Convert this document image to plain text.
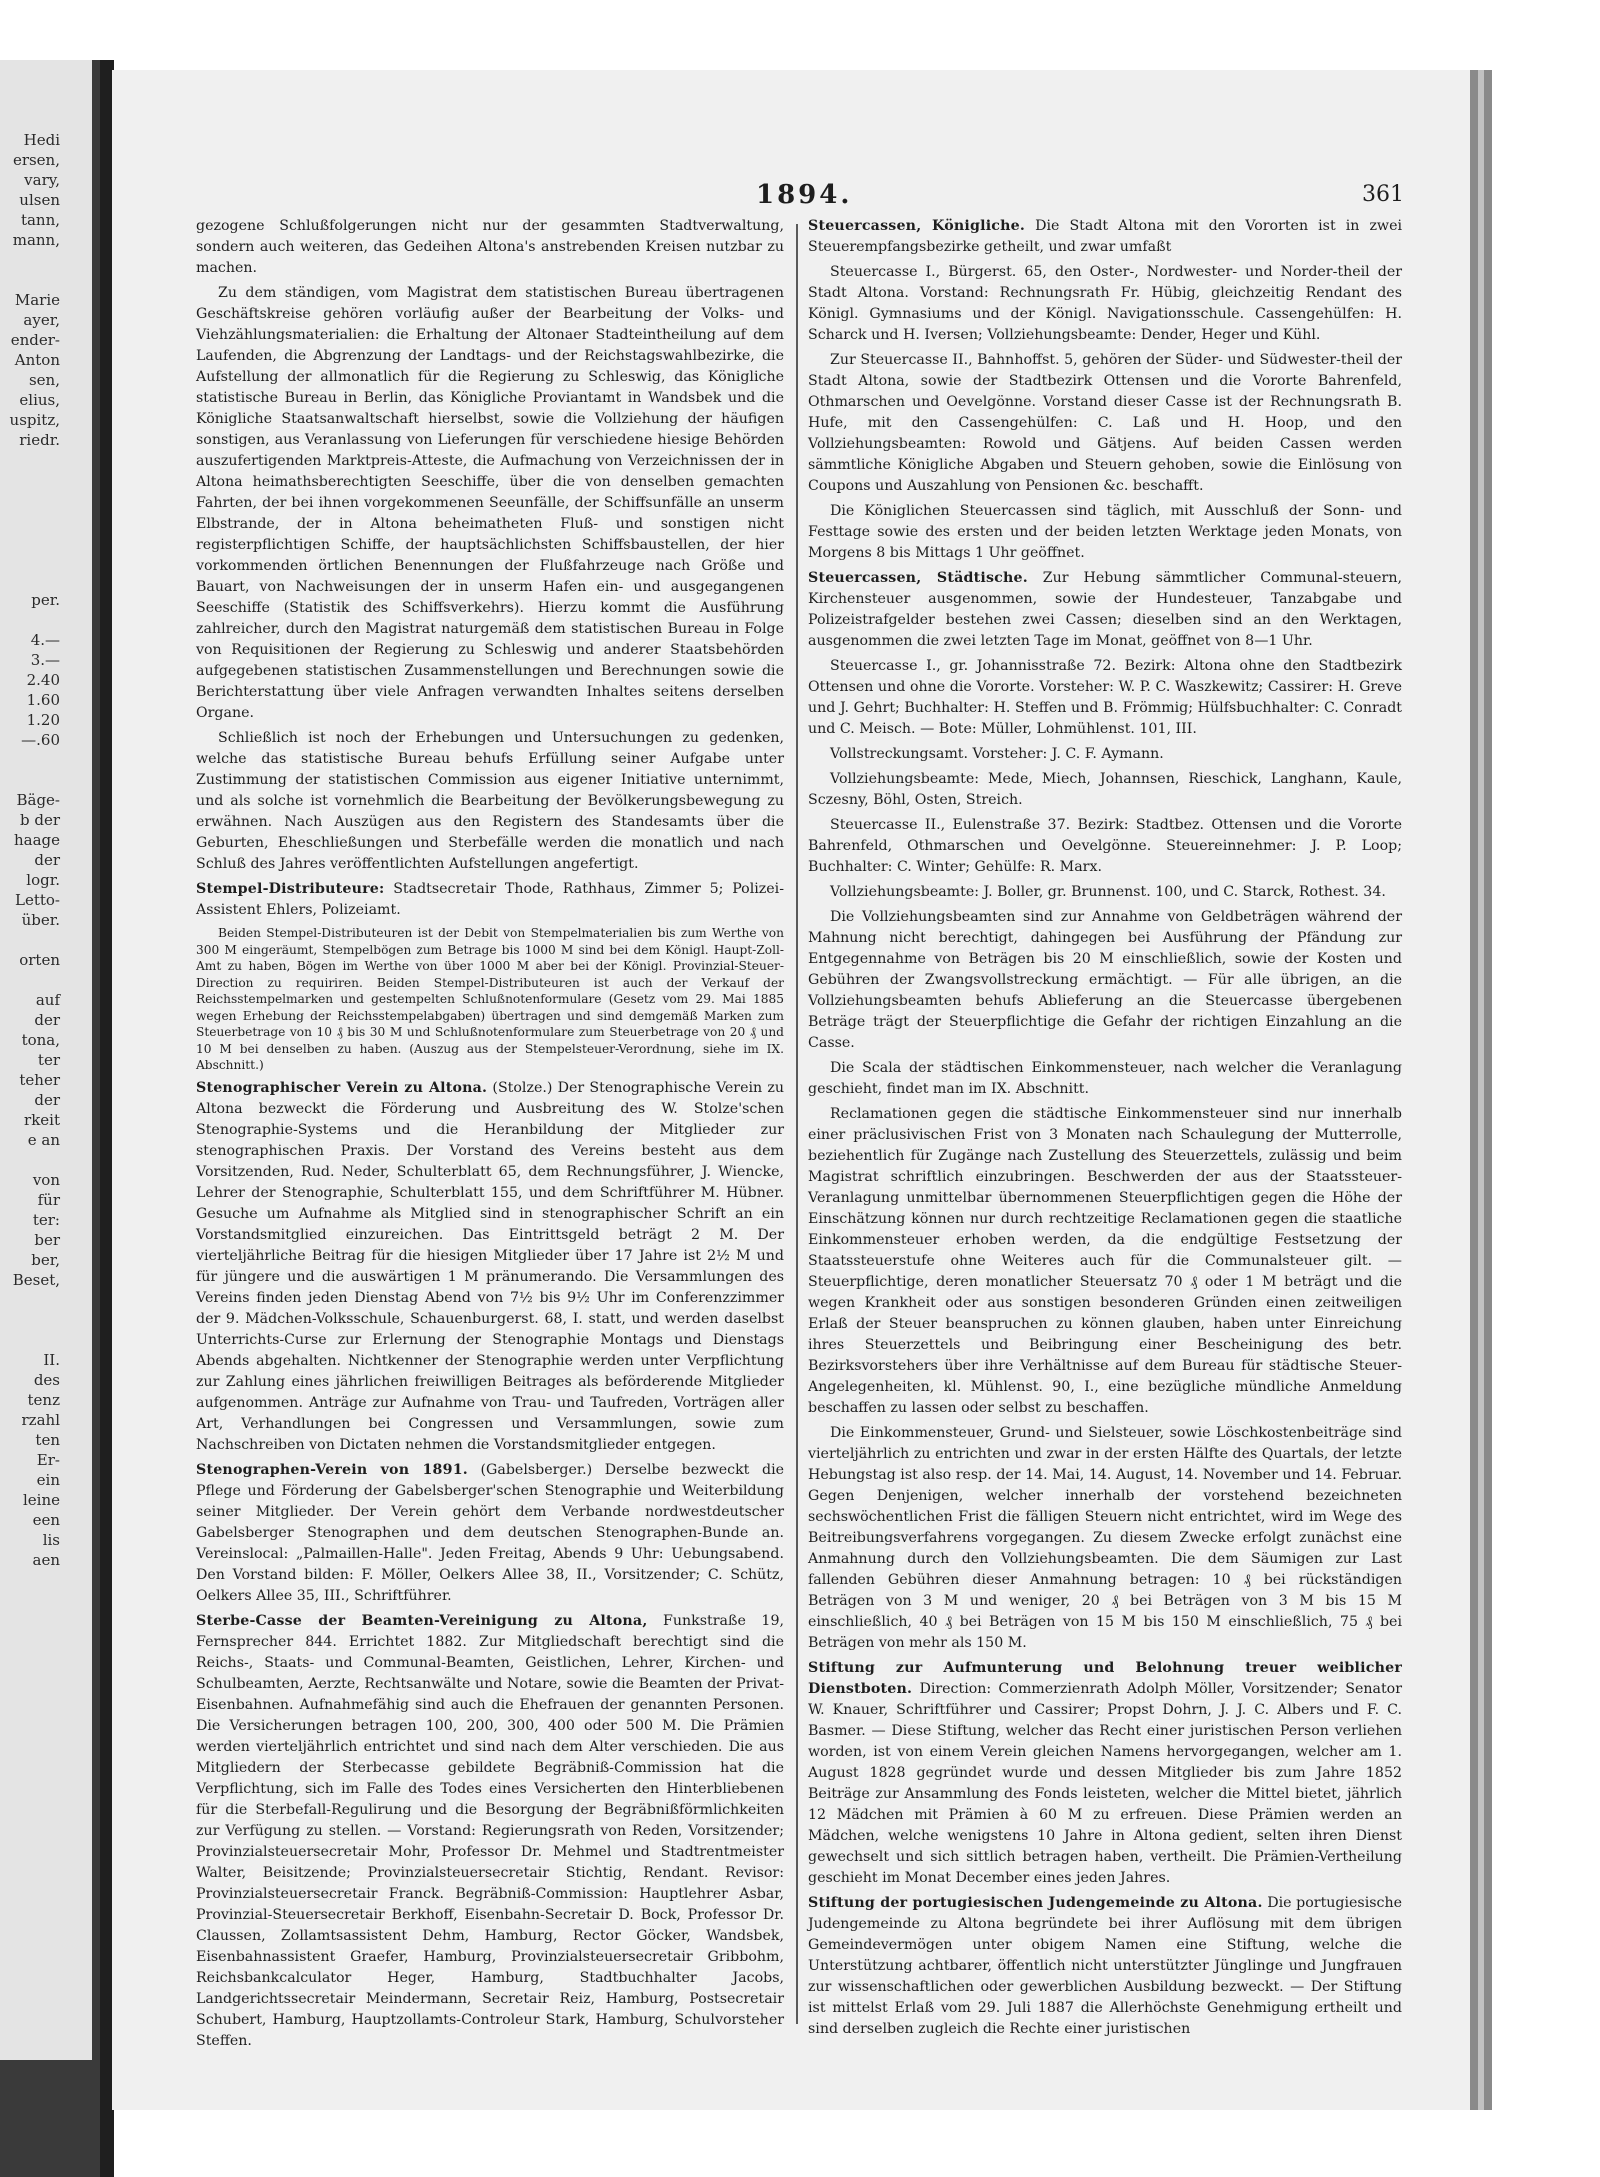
Hedi
ersen,
vary,
ulsen
tann,
mann,

Marie
ayer,
ender-
Anton
sen,
elius,
uspitz,
riedr.

per.

4.—
3.—
2.40
1.60
1.20
—.60

Bäge-
b der
haage
der
logr.
Letto-
über.

orten

auf
der
tona,
ter
teher
der
rkeit
e an

von
für
ter:
ber
ber,
Beset,

II.
des
tenz
rzahl
ten
Er-
ein
leine
een
lis
aen
1894.	361

gezogene Schlußfolgerungen nicht nur der gesammten Stadtverwaltung, sondern auch weiteren, das Gedeihen Altona's anstrebenden Kreisen nutzbar zu machen.

Zu dem ständigen, vom Magistrat dem statistischen Bureau übertragenen Geschäftskreise gehören vorläufig außer der Bearbeitung der Volks- und Viehzählungsmaterialien: die Erhaltung der Altonaer Stadteintheilung auf dem Laufenden, die Abgrenzung der Landtags- und der Reichstagswahlbezirke, die Aufstellung der allmonatlich für die Regierung zu Schleswig, das Königliche statistische Bureau in Berlin, das Königliche Proviantamt in Wandsbek und die Königliche Staatsanwaltschaft hierselbst, sowie die Vollziehung der häufigen sonstigen, aus Veranlassung von Lieferungen für verschiedene hiesige Behörden auszufertigenden Marktpreis-Atteste, die Aufmachung von Verzeichnissen der in Altona heimathsberechtigten Seeschiffe, über die von denselben gemachten Fahrten, der bei ihnen vorgekommenen Seeunfälle, der Schiffsunfälle an unserm Elbstrande, der in Altona beheimatheten Fluß- und sonstigen nicht registerpflichtigen Schiffe, der hauptsächlichsten Schiffsbaustellen, der hier vorkommenden örtlichen Benennungen der Flußfahrzeuge nach Größe und Bauart, von Nachweisungen der in unserm Hafen ein- und ausgegangenen Seeschiffe (Statistik des Schiffsverkehrs). Hierzu kommt die Ausführung zahlreicher, durch den Magistrat naturgemäß dem statistischen Bureau in Folge von Requisitionen der Regierung zu Schleswig und anderer Staatsbehörden aufgegebenen statistischen Zusammenstellungen und Berechnungen sowie die Berichterstattung über viele Anfragen verwandten Inhaltes seitens derselben Organe.

Schließlich ist noch der Erhebungen und Untersuchungen zu gedenken, welche das statistische Bureau behufs Erfüllung seiner Aufgabe unter Zustimmung der statistischen Commission aus eigener Initiative unternimmt, und als solche ist vornehmlich die Bearbeitung der Bevölkerungsbewegung zu erwähnen. Nach Auszügen aus den Registern des Standesamts über die Geburten, Eheschließungen und Sterbefälle werden die monatlich und nach Schluß des Jahres veröffentlichten Aufstellungen angefertigt.

Stempel-Distributeure: Stadtsecretair Thode, Rathhaus, Zimmer 5; Polizei-Assistent Ehlers, Polizeiamt.

Beiden Stempel-Distributeuren ist der Debit von Stempelmaterialien bis zum Werthe von 300 M eingeräumt, Stempelbögen zum Betrage bis 1000 M sind bei dem Königl. Haupt-Zoll-Amt zu haben, Bögen im Werthe von über 1000 M aber bei der Königl. Provinzial-Steuer-Direction zu requiriren. Beiden Stempel-Distributeuren ist auch der Verkauf der Reichsstempelmarken und gestempelten Schlußnotenformulare (Gesetz vom 29. Mai 1885 wegen Erhebung der Reichsstempelabgaben) übertragen und sind demgemäß Marken zum Steuerbetrage von 10 ₰ bis 30 M und Schlußnotenformulare zum Steuerbetrage von 20 ₰ und 10 M bei denselben zu haben. (Auszug aus der Stempelsteuer-Verordnung, siehe im IX. Abschnitt.)

Stenographischer Verein zu Altona. (Stolze.) Der Stenographische Verein zu Altona bezweckt die Förderung und Ausbreitung des W. Stolze'schen Stenographie-Systems und die Heranbildung der Mitglieder zur stenographischen Praxis. Der Vorstand des Vereins besteht aus dem Vorsitzenden, Rud. Neder, Schulterblatt 65, dem Rechnungsführer, J. Wiencke, Lehrer der Stenographie, Schulterblatt 155, und dem Schriftführer M. Hübner. Gesuche um Aufnahme als Mitglied sind in stenographischer Schrift an ein Vorstandsmitglied einzureichen. Das Eintrittsgeld beträgt 2 M. Der vierteljährliche Beitrag für die hiesigen Mitglieder über 17 Jahre ist 2½ M und für jüngere und die auswärtigen 1 M pränumerando. Die Versammlungen des Vereins finden jeden Dienstag Abend von 7½ bis 9½ Uhr im Conferenzzimmer der 9. Mädchen-Volksschule, Schauenburgerst. 68, I. statt, und werden daselbst Unterrichts-Curse zur Erlernung der Stenographie Montags und Dienstags Abends abgehalten. Nichtkenner der Stenographie werden unter Verpflichtung zur Zahlung eines jährlichen freiwilligen Beitrages als beförderende Mitglieder aufgenommen. Anträge zur Aufnahme von Trau- und Taufreden, Vorträgen aller Art, Verhandlungen bei Congressen und Versammlungen, sowie zum Nachschreiben von Dictaten nehmen die Vorstandsmitglieder entgegen.

Stenographen-Verein von 1891. (Gabelsberger.) Derselbe bezweckt die Pflege und Förderung der Gabelsberger'schen Stenographie und Weiterbildung seiner Mitglieder. Der Verein gehört dem Verbande nordwestdeutscher Gabelsberger Stenographen und dem deutschen Stenographen-Bunde an. Vereinslocal: „Palmaillen-Halle". Jeden Freitag, Abends 9 Uhr: Uebungsabend. Den Vorstand bilden: F. Möller, Oelkers Allee 38, II., Vorsitzender; C. Schütz, Oelkers Allee 35, III., Schriftführer.

Sterbe-Casse der Beamten-Vereinigung zu Altona, Funkstraße 19, Fernsprecher 844. Errichtet 1882. Zur Mitgliedschaft berechtigt sind die Reichs-, Staats- und Communal-Beamten, Geistlichen, Lehrer, Kirchen- und Schulbeamten, Aerzte, Rechtsanwälte und Notare, sowie die Beamten der Privat-Eisenbahnen. Aufnahmefähig sind auch die Ehefrauen der genannten Personen. Die Versicherungen betragen 100, 200, 300, 400 oder 500 M. Die Prämien werden vierteljährlich entrichtet und sind nach dem Alter verschieden. Die aus Mitgliedern der Sterbecasse gebildete Begräbniß-Commission hat die Verpflichtung, sich im Falle des Todes eines Versicherten den Hinterbliebenen für die Sterbefall-Regulirung und die Besorgung der Begräbnißförmlichkeiten zur Verfügung zu stellen. — Vorstand: Regierungsrath von Reden, Vorsitzender; Provinzialsteuersecretair Mohr, Professor Dr. Mehmel und Stadtrentmeister Walter, Beisitzende; Provinzialsteuersecretair Stichtig, Rendant. Revisor: Provinzialsteuersecretair Franck. Begräbniß-Commission: Hauptlehrer Asbar, Provinzial-Steuersecretair Berkhoff, Eisenbahn-Secretair D. Bock, Professor Dr. Claussen, Zollamtsassistent Dehm, Hamburg, Rector Göcker, Wandsbek, Eisenbahnassistent Graefer, Hamburg, Provinzialsteuersecretair Gribbohm, Reichsbankcalculator Heger, Hamburg, Stadtbuchhalter Jacobs, Landgerichtssecretair Meindermann, Secretair Reiz, Hamburg, Postsecretair Schubert, Hamburg, Hauptzollamts-Controleur Stark, Hamburg, Schulvorsteher Steffen.

Steuercassen, Königliche. Die Stadt Altona mit den Vororten ist in zwei Steuerempfangsbezirke getheilt, und zwar umfaßt

Steuercasse I., Bürgerst. 65, den Oster-, Nordwester- und Norder-theil der Stadt Altona. Vorstand: Rechnungsrath Fr. Hübig, gleichzeitig Rendant des Königl. Gymnasiums und der Königl. Navigationsschule. Cassengehülfen: H. Scharck und H. Iversen; Vollziehungsbeamte: Dender, Heger und Kühl.

Zur Steuercasse II., Bahnhoffst. 5, gehören der Süder- und Südwester-theil der Stadt Altona, sowie der Stadtbezirk Ottensen und die Vororte Bahrenfeld, Othmarschen und Oevelgönne. Vorstand dieser Casse ist der Rechnungsrath B. Hufe, mit den Cassengehülfen: C. Laß und H. Hoop, und den Vollziehungsbeamten: Rowold und Gätjens. Auf beiden Cassen werden sämmtliche Königliche Abgaben und Steuern gehoben, sowie die Einlösung von Coupons und Auszahlung von Pensionen &c. beschafft.

Die Königlichen Steuercassen sind täglich, mit Ausschluß der Sonn- und Festtage sowie des ersten und der beiden letzten Werktage jeden Monats, von Morgens 8 bis Mittags 1 Uhr geöffnet.

Steuercassen, Städtische. Zur Hebung sämmtlicher Communal-steuern, Kirchensteuer ausgenommen, sowie der Hundesteuer, Tanzabgabe und Polizeistrafgelder bestehen zwei Cassen; dieselben sind an den Werktagen, ausgenommen die zwei letzten Tage im Monat, geöffnet von 8—1 Uhr.

Steuercasse I., gr. Johannisstraße 72. Bezirk: Altona ohne den Stadtbezirk Ottensen und ohne die Vororte. Vorsteher: W. P. C. Waszkewitz; Cassirer: H. Greve und J. Gehrt; Buchhalter: H. Steffen und B. Frömmig; Hülfsbuchhalter: C. Conradt und C. Meisch. — Bote: Müller, Lohmühlenst. 101, III.

Vollstreckungsamt. Vorsteher: J. C. F. Aymann.

Vollziehungsbeamte: Mede, Miech, Johannsen, Rieschick, Langhann, Kaule, Sczesny, Böhl, Osten, Streich.

Steuercasse II., Eulenstraße 37. Bezirk: Stadtbez. Ottensen und die Vororte Bahrenfeld, Othmarschen und Oevelgönne. Steuereinnehmer: J. P. Loop; Buchhalter: C. Winter; Gehülfe: R. Marx.

Vollziehungsbeamte: J. Boller, gr. Brunnenst. 100, und C. Starck, Rothest. 34.

Die Vollziehungsbeamten sind zur Annahme von Geldbeträgen während der Mahnung nicht berechtigt, dahingegen bei Ausführung der Pfändung zur Entgegennahme von Beträgen bis 20 M einschließlich, sowie der Kosten und Gebühren der Zwangsvollstreckung ermächtigt. — Für alle übrigen, an die Vollziehungsbeamten behufs Ablieferung an die Steuercasse übergebenen Beträge trägt der Steuerpflichtige die Gefahr der richtigen Einzahlung an die Casse.

Die Scala der städtischen Einkommensteuer, nach welcher die Veranlagung geschieht, findet man im IX. Abschnitt.

Reclamationen gegen die städtische Einkommensteuer sind nur innerhalb einer präclusivischen Frist von 3 Monaten nach Schaulegung der Mutterrolle, beziehentlich für Zugänge nach Zustellung des Steuerzettels, zulässig und beim Magistrat schriftlich einzubringen. Beschwerden der aus der Staatssteuer-Veranlagung unmittelbar übernommenen Steuerpflichtigen gegen die Höhe der Einschätzung können nur durch rechtzeitige Reclamationen gegen die staatliche Einkommensteuer erhoben werden, da die endgültige Festsetzung der Staatssteuerstufe ohne Weiteres auch für die Communalsteuer gilt. — Steuerpflichtige, deren monatlicher Steuersatz 70 ₰ oder 1 M beträgt und die wegen Krankheit oder aus sonstigen besonderen Gründen einen zeitweiligen Erlaß der Steuer beanspruchen zu können glauben, haben unter Einreichung ihres Steuerzettels und Beibringung einer Bescheinigung des betr. Bezirksvorstehers über ihre Verhältnisse auf dem Bureau für städtische Steuer-Angelegenheiten, kl. Mühlenst. 90, I., eine bezügliche mündliche Anmeldung beschaffen zu lassen oder selbst zu beschaffen.

Die Einkommensteuer, Grund- und Sielsteuer, sowie Löschkostenbeiträge sind vierteljährlich zu entrichten und zwar in der ersten Hälfte des Quartals, der letzte Hebungstag ist also resp. der 14. Mai, 14. August, 14. November und 14. Februar. Gegen Denjenigen, welcher innerhalb der vorstehend bezeichneten sechswöchentlichen Frist die fälligen Steuern nicht entrichtet, wird im Wege des Beitreibungsverfahrens vorgegangen. Zu diesem Zwecke erfolgt zunächst eine Anmahnung durch den Vollziehungsbeamten. Die dem Säumigen zur Last fallenden Gebühren dieser Anmahnung betragen: 10 ₰ bei rückständigen Beträgen von 3 M und weniger, 20 ₰ bei Beträgen von 3 M bis 15 M einschließlich, 40 ₰ bei Beträgen von 15 M bis 150 M einschließlich, 75 ₰ bei Beträgen von mehr als 150 M.

Stiftung zur Aufmunterung und Belohnung treuer weiblicher Dienstboten. Direction: Commerzienrath Adolph Möller, Vorsitzender; Senator W. Knauer, Schriftführer und Cassirer; Propst Dohrn, J. J. C. Albers und F. C. Basmer. — Diese Stiftung, welcher das Recht einer juristischen Person verliehen worden, ist von einem Verein gleichen Namens hervorgegangen, welcher am 1. August 1828 gegründet wurde und dessen Mitglieder bis zum Jahre 1852 Beiträge zur Ansammlung des Fonds leisteten, welcher die Mittel bietet, jährlich 12 Mädchen mit Prämien à 60 M zu erfreuen. Diese Prämien werden an Mädchen, welche wenigstens 10 Jahre in Altona gedient, selten ihren Dienst gewechselt und sich sittlich betragen haben, vertheilt. Die Prämien-Vertheilung geschieht im Monat December eines jeden Jahres.

Stiftung der portugiesischen Judengemeinde zu Altona. Die portugiesische Judengemeinde zu Altona begründete bei ihrer Auflösung mit dem übrigen Gemeindevermögen unter obigem Namen eine Stiftung, welche die Unterstützung achtbarer, öffentlich nicht unterstützter Jünglinge und Jungfrauen zur wissenschaftlichen oder gewerblichen Ausbildung bezweckt. — Der Stiftung ist mittelst Erlaß vom 29. Juli 1887 die Allerhöchste Genehmigung ertheilt und sind derselben zugleich die Rechte einer juristischen
